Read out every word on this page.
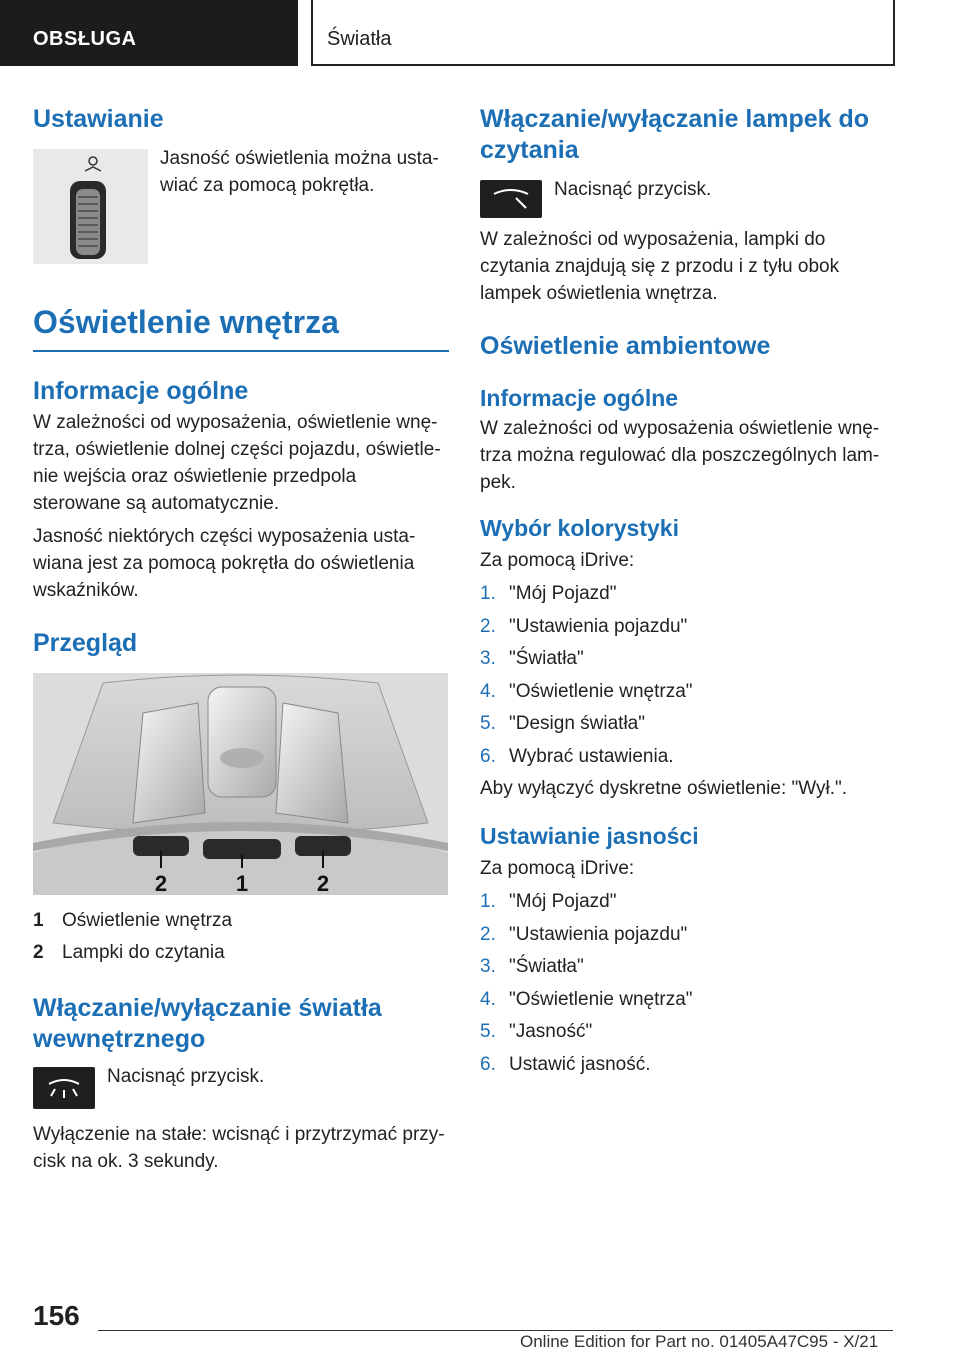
OBSŁUGA	Światła
Ustawianie

Jasność oświetlenia można ustawiać za pomocą pokrętła.

Oświetlenie wnętrza
Informacje ogólne

W zależności od wyposażenia, oświetlenie wnętrza, oświetlenie dolnej części pojazdu, oświetlenie wejścia oraz oświetlenie przedpola sterowane są automatycznie.

Jasność niektórych części wyposażenia ustawiana jest za pomocą pokrętła do oświetlenia wskaźników.

Przegląd
2	1	2
1 Oświetlenie wnętrza
2 Lampki do czytania
Włączanie/wyłączanie światła wewnętrznego

Nacisnąć przycisk.

Wyłączenie na stałe: wcisnąć i przytrzymać przycisk na ok. 3 sekundy.

Włączanie/wyłączanie lampek do czytania

Nacisnąć przycisk.

W zależności od wyposażenia, lampki do czytania znajdują się z przodu i z tyłu obok lampek oświetlenia wnętrza.

Oświetlenie ambientowe
Informacje ogólne

W zależności od wyposażenia oświetlenie wnętrza można regulować dla poszczególnych lampek.

Wybór kolorystyki

Za pomocą iDrive:

1. "Mój Pojazd"
2. "Ustawienia pojazdu"
3. "Światła"
4. "Oświetlenie wnętrza"
5. "Design światła"
6. Wybrać ustawienia.

Aby wyłączyć dyskretne oświetlenie: "Wył.".

Ustawianie jasności

Za pomocą iDrive:

1. "Mój Pojazd"
2. "Ustawienia pojazdu"
3. "Światła"
4. "Oświetlenie wnętrza"
5. "Jasność"
6. Ustawić jasność.
156
Online Edition for Part no. 01405A47C95 - X/21
